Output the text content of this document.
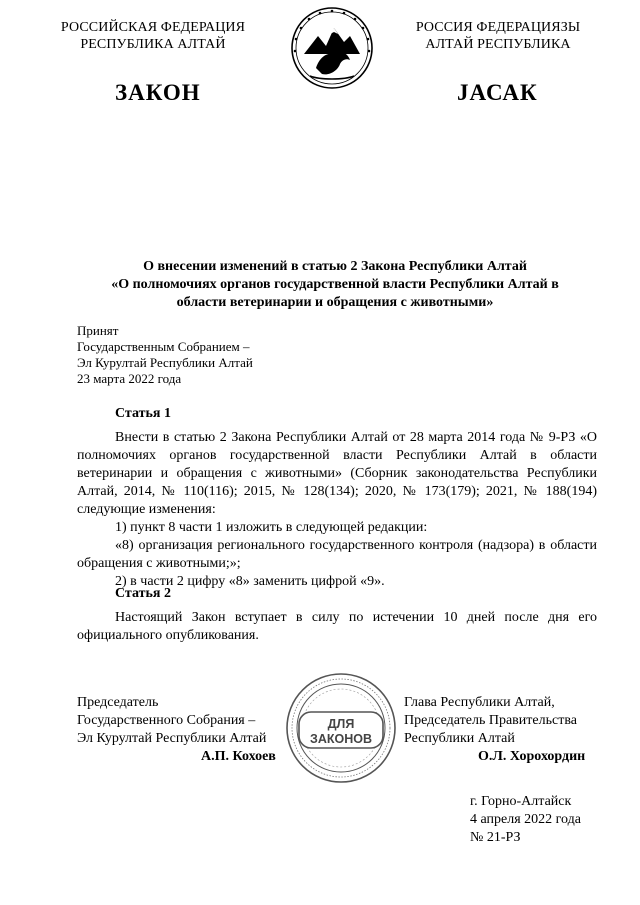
РОССИЙСКАЯ ФЕДЕРАЦИЯ
РЕСПУБЛИКА АЛТАЙ
РОССИЯ ФЕДЕРАЦИЯЗЫ
АЛТАЙ РЕСПУБЛИКА
ЗАКОН	ЈАСАК
О внесении изменений в статью 2 Закона Республики Алтай
«О полномочиях органов государственной власти Республики Алтай в
области ветеринарии и обращения с животными»
Принят
Государственным Собранием –
Эл Курултай Республики Алтай
23 марта 2022 года

Статья 1

Внести в статью 2 Закона Республики Алтай от 28 марта 2014 года № 9-РЗ «О полномочиях органов государственной власти Республики Алтай в области ветеринарии и обращения с животными» (Сборник законодательства Республики Алтай, 2014, № 110(116); 2015, № 128(134); 2020, № 173(179); 2021, № 188(194) следующие изменения:

1) пункт 8 части 1 изложить в следующей редакции:

«8) организация регионального государственного контроля (надзора) в области обращения с животными;»;

2) в части 2 цифру «8» заменить цифрой «9».

Статья 2

Настоящий Закон вступает в силу по истечении 10 дней после дня его официального опубликования.

Председатель
Государственного Собрания –
Эл Курултай Республики Алтай
А.П. Кохоев
ДЛЯ
ЗАКОНОВ
Глава Республики Алтай,
Председатель Правительства
Республики Алтай
О.Л. Хорохордин
г. Горно-Алтайск
4 апреля 2022 года
№ 21-РЗ
